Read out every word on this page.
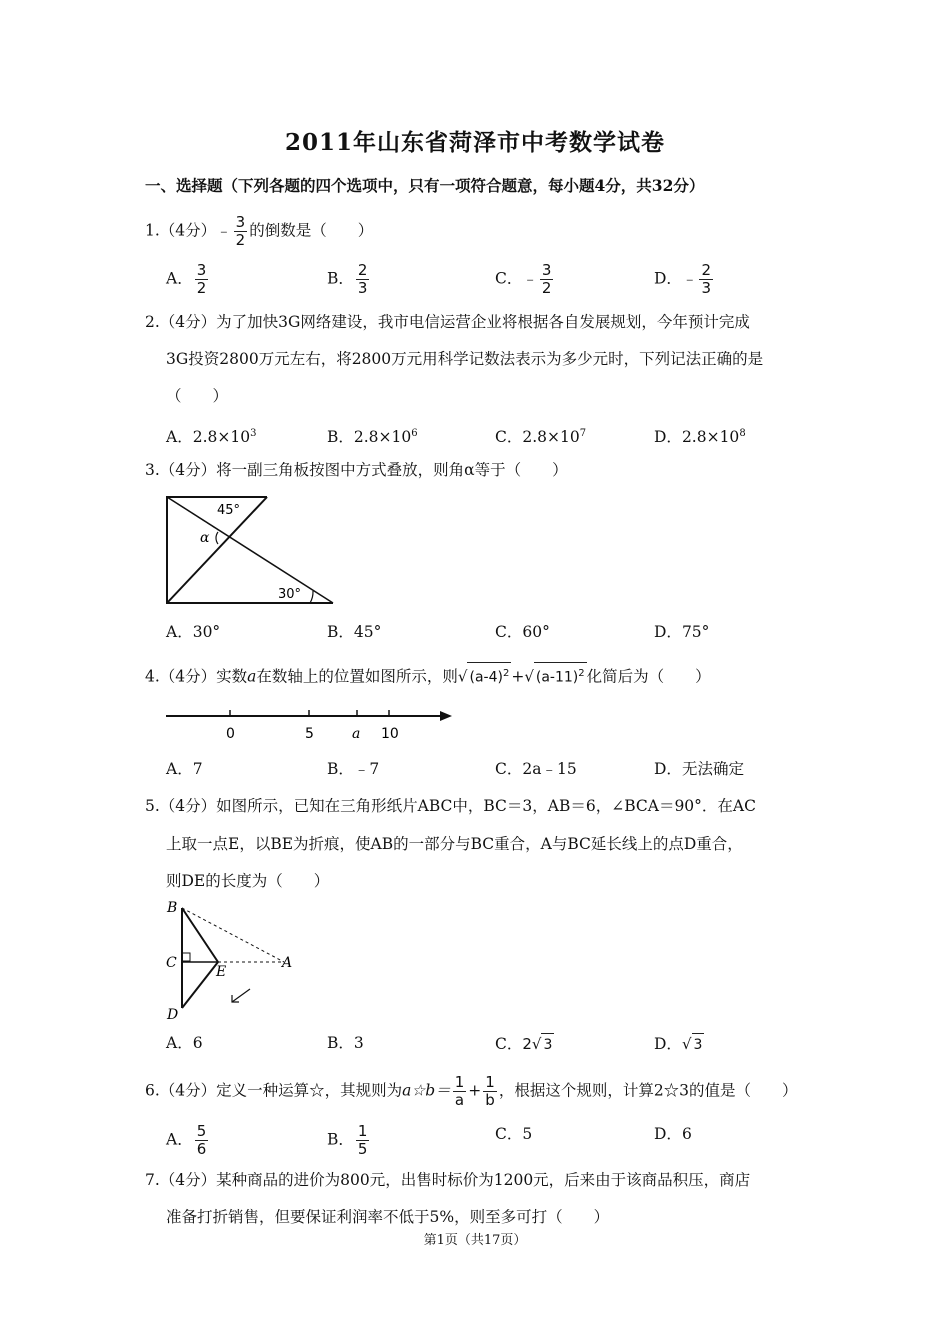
2011年山东省菏泽市中考数学试卷
一、选择题（下列各题的四个选项中，只有一项符合题意，每小题4分，共32分）
1.（4分）﹣ $\frac{3}{2}$ 的倒数是（　　）
A． $\frac{3}{2}$	B． $\frac{2}{3}$	C．﹣ $\frac{3}{2}$	D．﹣ $\frac{2}{3}$
2.（4分）为了加快3G网络建设，我市电信运营企业将根据各自发展规划，今年预计完成
3G投资2800万元左右，将2800万元用科学记数法表示为多少元时，下列记法正确的是
（　　）
A．$2.8\times 10^3$	B．$2.8\times 10^6$	C．$2.8\times 10^7$	D．$2.8\times 10^8$
3.（4分）将一副三角板按图中方式叠放，则角α等于（　　）
45°
α
30°
A．30°	B．45°	C．60°	D．75°
4.（4分）实数a在数轴上的位置如图所示，则√ $(a-4)^2$ +√ $(a-11)^2$ 化简后为（　　）
0	5	a 10
A．7	B．﹣7	C．2a﹣15	D．无法确定
5.（4分）如图所示，已知在三角形纸片ABC中，BC＝3，AB＝6，∠BCA＝90°．在AC
上取一点E，以BE为折痕，使AB的一部分与BC重合，A与BC延长线上的点D重合，
则DE的长度为（　　）
B
C
E
A
D
A．6	B．3	C．2√ 3	D．√ 3
6.（4分）定义一种运算☆，其规则为a☆b＝ $\frac{1}{a} + \frac{1}{b}$ ，根据这个规则，计算2☆3的值是（　　）
A． $\frac{5}{6}$	B． $\frac{1}{5}$	C．5	D．6
7.（4分）某种商品的进价为800元，出售时标价为1200元，后来由于该商品积压，商店
准备打折销售，但要保证利润率不低于5%，则至多可打（　　）
第1页（共17页）
